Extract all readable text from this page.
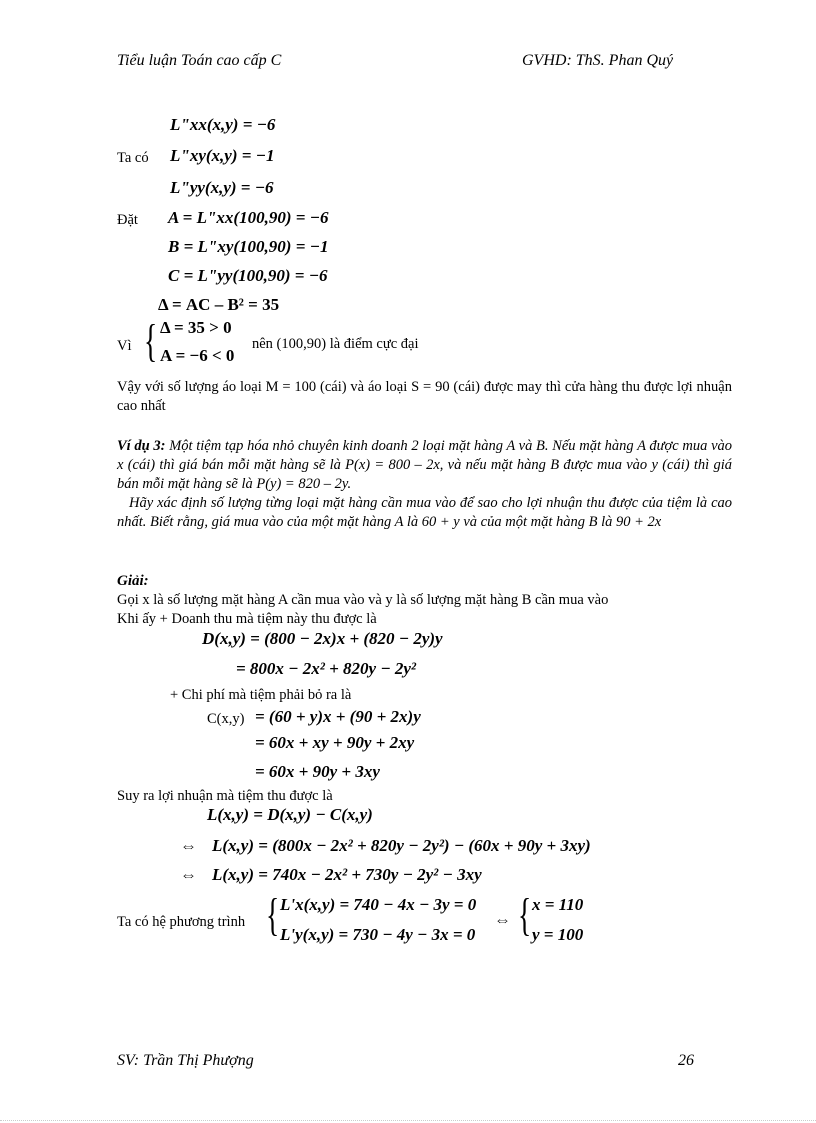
Tiểu luận Toán cao cấp C	GVHD: ThS. Phan Quý
L"xx(x,y) = −6
Ta có L"xy(x,y) = −1
L"yy(x,y) = −6
Đặt A = L"xx(100,90) = −6
B = L"xy(100,90) = −1
C = L"yy(100,90) = −6
Δ = AC – B² = 35
Vì { Δ = 35 > 0
A = −6 < 0
nên (100,90) là điểm cực đại
Vậy với số lượng áo loại M = 100 (cái) và áo loại S = 90 (cái) được may thì cửa hàng thu được lợi nhuận cao nhất
Ví dụ 3: Một tiệm tạp hóa nhỏ chuyên kinh doanh 2 loại mặt hàng A và B. Nếu mặt hàng A được mua vào x (cái) thì giá bán mỗi mặt hàng sẽ là P(x) = 800 – 2x, và nếu mặt hàng B được mua vào y (cái) thì giá bán mỗi mặt hàng sẽ là P(y) = 820 – 2y.
Hãy xác định số lượng từng loại mặt hàng cần mua vào để sao cho lợi nhuận thu được của tiệm là cao nhất. Biết rằng, giá mua vào của một mặt hàng A là 60 + y và của một mặt hàng B là 90 + 2x
Giải:
Gọi x là số lượng mặt hàng A cần mua vào và y là số lượng mặt hàng B cần mua vào
Khi ấy + Doanh thu mà tiệm này thu được là
D(x,y) = (800 − 2x)x + (820 − 2y)y
= 800x − 2x² + 820y − 2y²
+ Chi phí mà tiệm phải bỏ ra là
C(x,y) = (60 + y)x + (90 + 2x)y
= 60x + xy + 90y + 2xy
= 60x + 90y + 3xy
Suy ra lợi nhuận mà tiệm thu được là
L(x,y) = D(x,y) − C(x,y)
⇔ L(x,y) = (800x − 2x² + 820y − 2y²) − (60x + 90y + 3xy)
⇔ L(x,y) = 740x − 2x² + 730y − 2y² − 3xy
Ta có hệ phương trình { L'x(x,y) = 740 − 4x − 3y = 0
L'y(x,y) = 730 − 4y − 3x = 0
⇔ { x = 110
y = 100
SV: Trần Thị Phượng	26
